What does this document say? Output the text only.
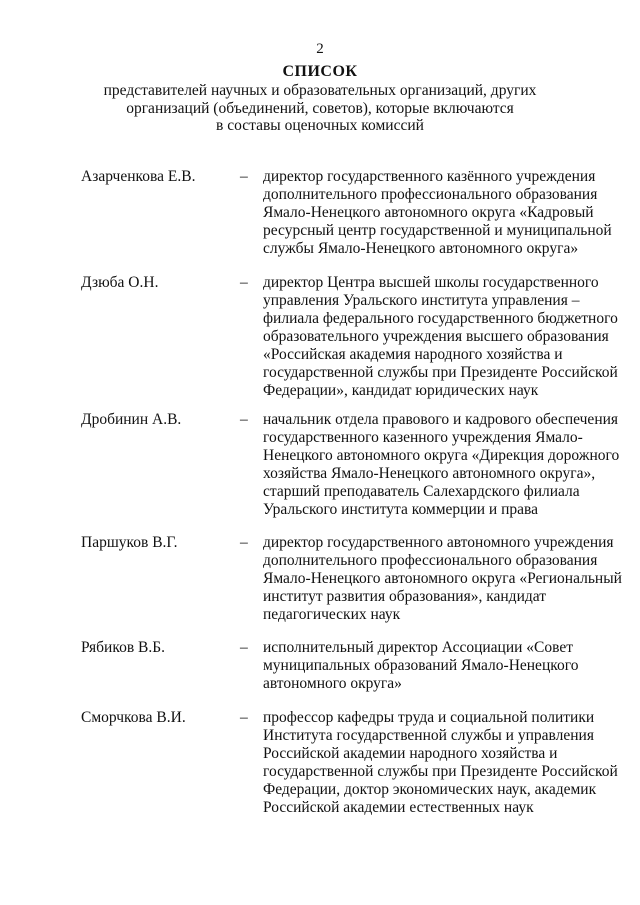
2
СПИСОК
представителей научных и образовательных организаций, других
организаций (объединений, советов), которые включаются
в составы оценочных комиссий
Азарченкова Е.В.	– директор государственного казённого учреждения
дополнительного профессионального образования
Ямало-Ненецкого автономного округа «Кадровый
ресурсный центр государственной и муниципальной
службы Ямало-Ненецкого автономного округа»
Дзюба О.Н.	– директор Центра высшей школы государственного
управления Уральского института управления –
филиала федерального государственного бюджетного
образовательного учреждения высшего образования
«Российская академия народного хозяйства и
государственной службы при Президенте Российской
Федерации», кандидат юридических наук
Дробинин А.В.	– начальник отдела правового и кадрового обеспечения
государственного казенного учреждения Ямало-
Ненецкого автономного округа «Дирекция дорожного
хозяйства Ямало-Ненецкого автономного округа»,
старший преподаватель Салехардского филиала
Уральского института коммерции и права
Паршуков В.Г.	– директор государственного автономного учреждения
дополнительного профессионального образования
Ямало-Ненецкого автономного округа «Региональный
институт развития образования», кандидат
педагогических наук
Рябиков В.Б.	– исполнительный директор Ассоциации «Совет
муниципальных образований Ямало-Ненецкого
автономного округа»
Сморчкова В.И.	– профессор кафедры труда и социальной политики
Института государственной службы и управления
Российской академии народного хозяйства и
государственной службы при Президенте Российской
Федерации, доктор экономических наук, академик
Российской академии естественных наук
